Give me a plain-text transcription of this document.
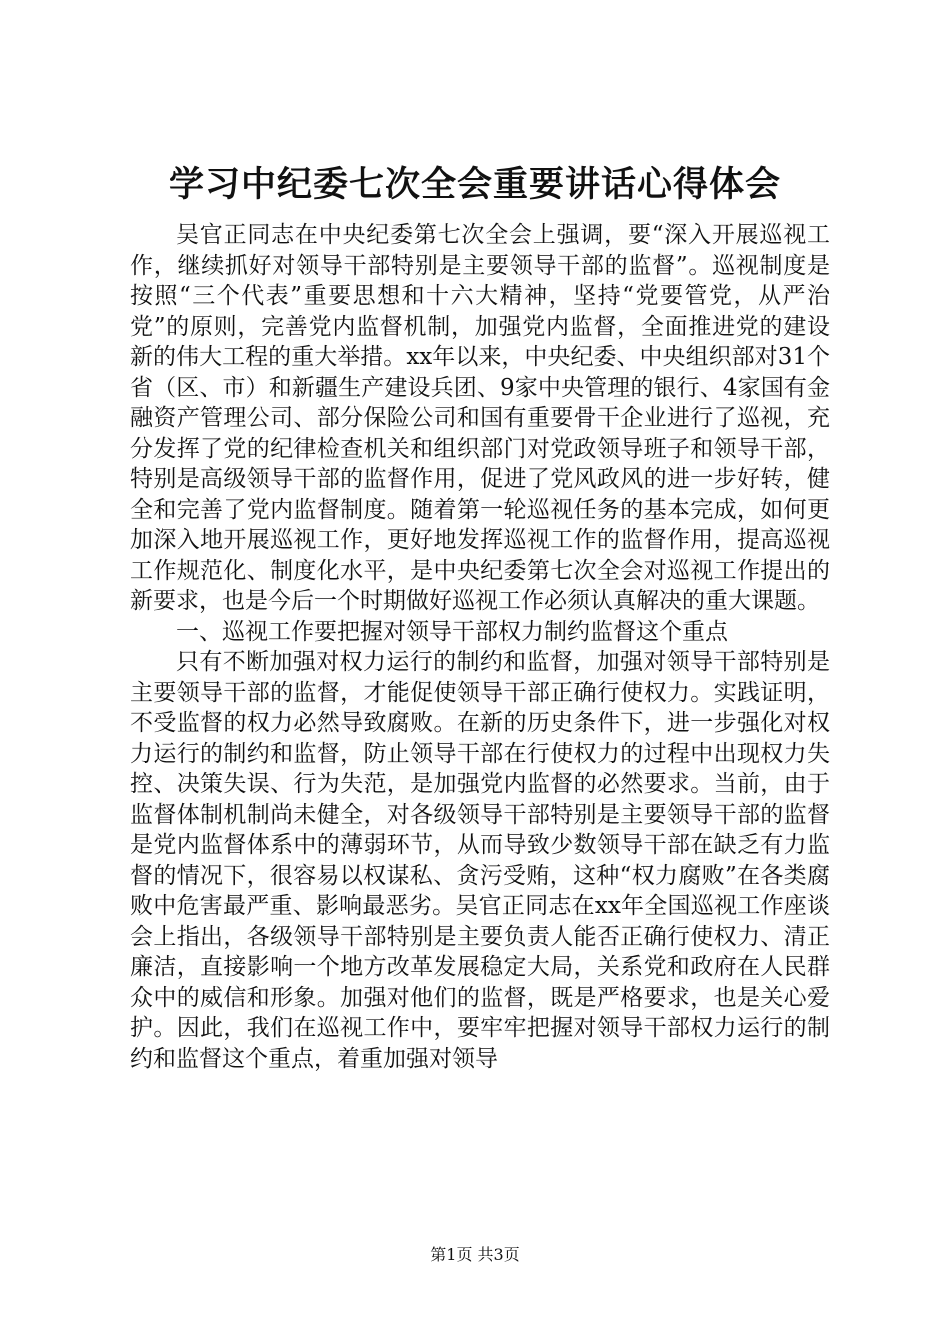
学习中纪委七次全会重要讲话心得体会

吴官正同志在中央纪委第七次全会上强调，要“深入开展巡视工作，继续抓好对领导干部特别是主要领导干部的监督”。巡视制度是按照“三个代表”重要思想和十六大精神，坚持“党要管党，从严治党”的原则，完善党内监督机制，加强党内监督，全面推进党的建设新的伟大工程的重大举措。xx年以来，中央纪委、中央组织部对31个省（区、市）和新疆生产建设兵团、9家中央管理的银行、4家国有金融资产管理公司、部分保险公司和国有重要骨干企业进行了巡视，充分发挥了党的纪律检查机关和组织部门对党政领导班子和领导干部，特别是高级领导干部的监督作用，促进了党风政风的进一步好转，健全和完善了党内监督制度。随着第一轮巡视任务的基本完成，如何更加深入地开展巡视工作，更好地发挥巡视工作的监督作用，提高巡视工作规范化、制度化水平，是中央纪委第七次全会对巡视工作提出的新要求，也是今后一个时期做好巡视工作必须认真解决的重大课题。

一、巡视工作要把握对领导干部权力制约监督这个重点

只有不断加强对权力运行的制约和监督，加强对领导干部特别是主要领导干部的监督，才能促使领导干部正确行使权力。实践证明，不受监督的权力必然导致腐败。在新的历史条件下，进一步强化对权力运行的制约和监督，防止领导干部在行使权力的过程中出现权力失控、决策失误、行为失范，是加强党内监督的必然要求。当前，由于监督体制机制尚未健全，对各级领导干部特别是主要领导干部的监督是党内监督体系中的薄弱环节，从而导致少数领导干部在缺乏有力监督的情况下，很容易以权谋私、贪污受贿，这种“权力腐败”在各类腐败中危害最严重、影响最恶劣。吴官正同志在xx年全国巡视工作座谈会上指出，各级领导干部特别是主要负责人能否正确行使权力、清正廉洁，直接影响一个地方改革发展稳定大局，关系党和政府在人民群众中的威信和形象。加强对他们的监督，既是严格要求，也是关心爱护。因此，我们在巡视工作中，要牢牢把握对领导干部权力运行的制约和监督这个重点，着重加强对领导

第1页 共3页
